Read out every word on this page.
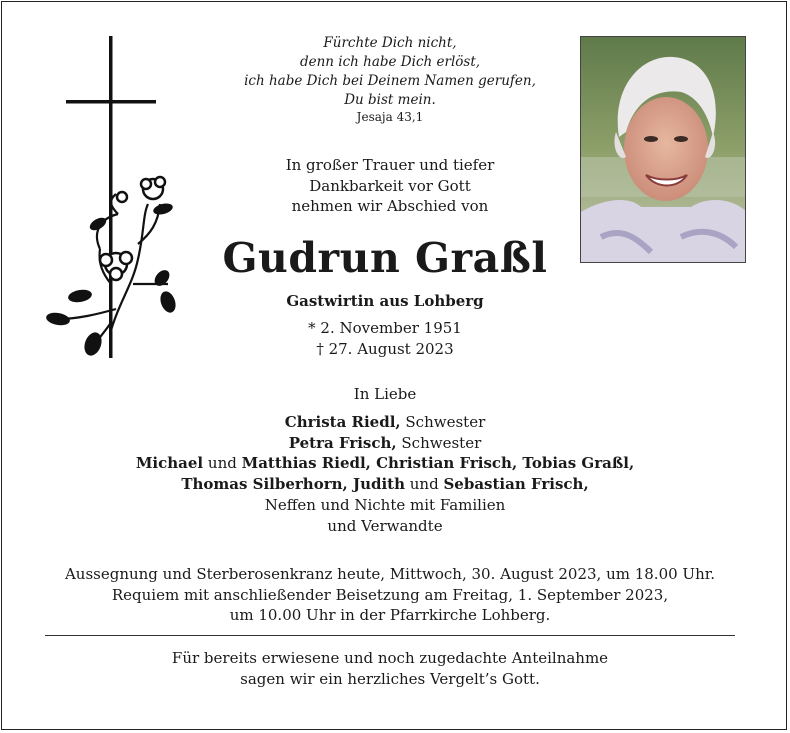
Fürchte Dich nicht,
denn ich habe Dich erlöst,
ich habe Dich bei Deinem Namen gerufen,
Du bist mein.
Jesaja 43,1
In großer Trauer und tiefer
Dankbarkeit vor Gott
nehmen wir Abschied von
Gudrun Graßl
Gastwirtin aus Lohberg
* 2. November 1951
† 27. August 2023
In Liebe
Christa Riedl, Schwester
Petra Frisch, Schwester
Michael und Matthias Riedl, Christian Frisch, Tobias Graßl,
Thomas Silberhorn, Judith und Sebastian Frisch,
Neffen und Nichte mit Familien
und Verwandte
Aussegnung und Sterberosenkranz heute, Mittwoch, 30. August 2023, um 18.00 Uhr.
Requiem mit anschließender Beisetzung am Freitag, 1. September 2023,
um 10.00 Uhr in der Pfarrkirche Lohberg.
Für bereits erwiesene und noch zugedachte Anteilnahme
sagen wir ein herzliches Vergelt’s Gott.
